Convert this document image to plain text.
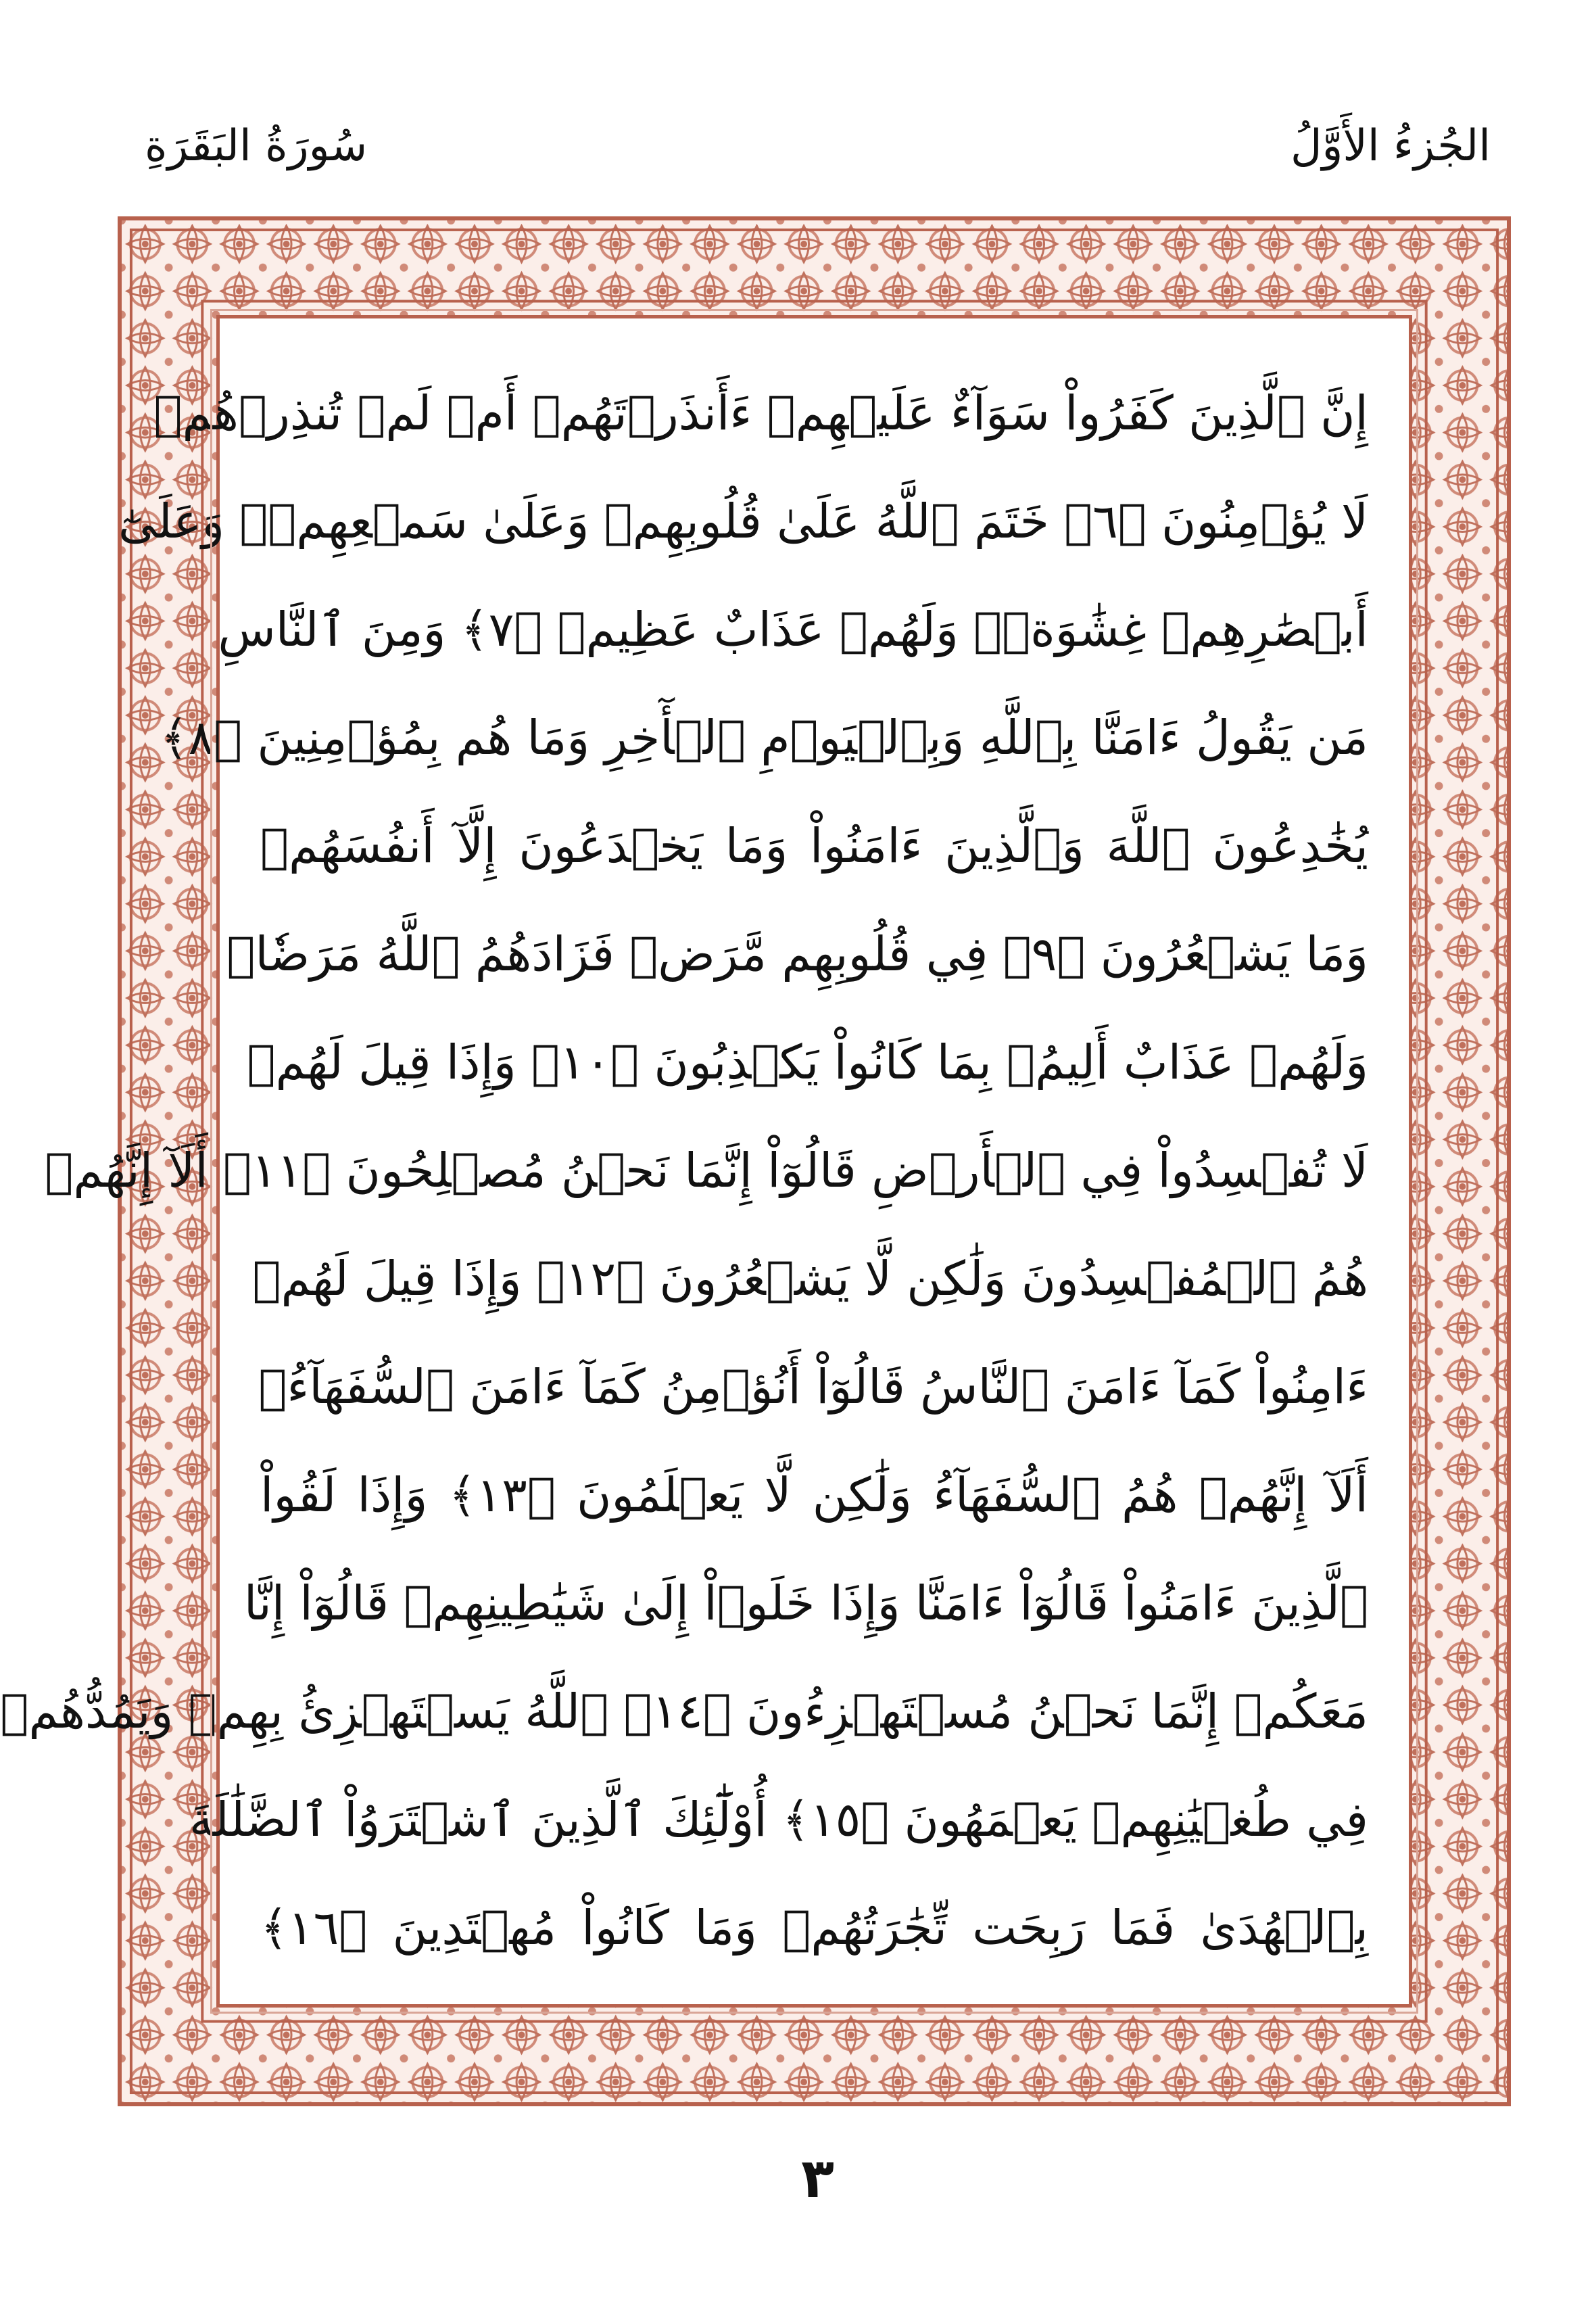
الجُزءُ الأَوَّلُ
سُورَةُ البَقَرَةِ
إِنَّ ٱلَّذِينَ كَفَرُواْ سَوَآءٌ عَلَيۡهِمۡ ءَأَنذَرۡتَهُمۡ أَمۡ لَمۡ تُنذِرۡهُمۡ
لَا يُؤۡمِنُونَ ﴿٦﴾ خَتَمَ ٱللَّهُ عَلَىٰ قُلُوبِهِمۡ وَعَلَىٰ سَمۡعِهِمۡۖ وَعَلَىٰٓ
أَبۡصَٰرِهِمۡ غِشَٰوَةٞۖ وَلَهُمۡ عَذَابٌ عَظِيمٞ ﴿٧﴾ وَمِنَ ٱلنَّاسِ
مَن يَقُولُ ءَامَنَّا بِٱللَّهِ وَبِٱلۡيَوۡمِ ٱلۡأٓخِرِ وَمَا هُم بِمُؤۡمِنِينَ ﴿٨﴾
يُخَٰدِعُونَ ٱللَّهَ وَٱلَّذِينَ ءَامَنُواْ وَمَا يَخۡدَعُونَ إِلَّآ أَنفُسَهُمۡ
وَمَا يَشۡعُرُونَ ﴿٩﴾ فِي قُلُوبِهِم مَّرَضٞ فَزَادَهُمُ ٱللَّهُ مَرَضٗاۖ
وَلَهُمۡ عَذَابٌ أَلِيمُۢ بِمَا كَانُواْ يَكۡذِبُونَ ﴿١٠﴾ وَإِذَا قِيلَ لَهُمۡ
لَا تُفۡسِدُواْ فِي ٱلۡأَرۡضِ قَالُوٓاْ إِنَّمَا نَحۡنُ مُصۡلِحُونَ ﴿١١﴾ أَلَآ إِنَّهُمۡ
هُمُ ٱلۡمُفۡسِدُونَ وَلَٰكِن لَّا يَشۡعُرُونَ ﴿١٢﴾ وَإِذَا قِيلَ لَهُمۡ
ءَامِنُواْ كَمَآ ءَامَنَ ٱلنَّاسُ قَالُوٓاْ أَنُؤۡمِنُ كَمَآ ءَامَنَ ٱلسُّفَهَآءُۗ
أَلَآ إِنَّهُمۡ هُمُ ٱلسُّفَهَآءُ وَلَٰكِن لَّا يَعۡلَمُونَ ﴿١٣﴾ وَإِذَا لَقُواْ
ٱلَّذِينَ ءَامَنُواْ قَالُوٓاْ ءَامَنَّا وَإِذَا خَلَوۡاْ إِلَىٰ شَيَٰطِينِهِمۡ قَالُوٓاْ إِنَّا
مَعَكُمۡ إِنَّمَا نَحۡنُ مُسۡتَهۡزِءُونَ ﴿١٤﴾ ٱللَّهُ يَسۡتَهۡزِئُ بِهِمۡ وَيَمُدُّهُمۡ
فِي طُغۡيَٰنِهِمۡ يَعۡمَهُونَ ﴿١٥﴾ أُوْلَٰٓئِكَ ٱلَّذِينَ ٱشۡتَرَوُاْ ٱلضَّلَٰلَةَ
بِٱلۡهُدَىٰ فَمَا رَبِحَت تِّجَٰرَتُهُمۡ وَمَا كَانُواْ مُهۡتَدِينَ ﴿١٦﴾
٣
